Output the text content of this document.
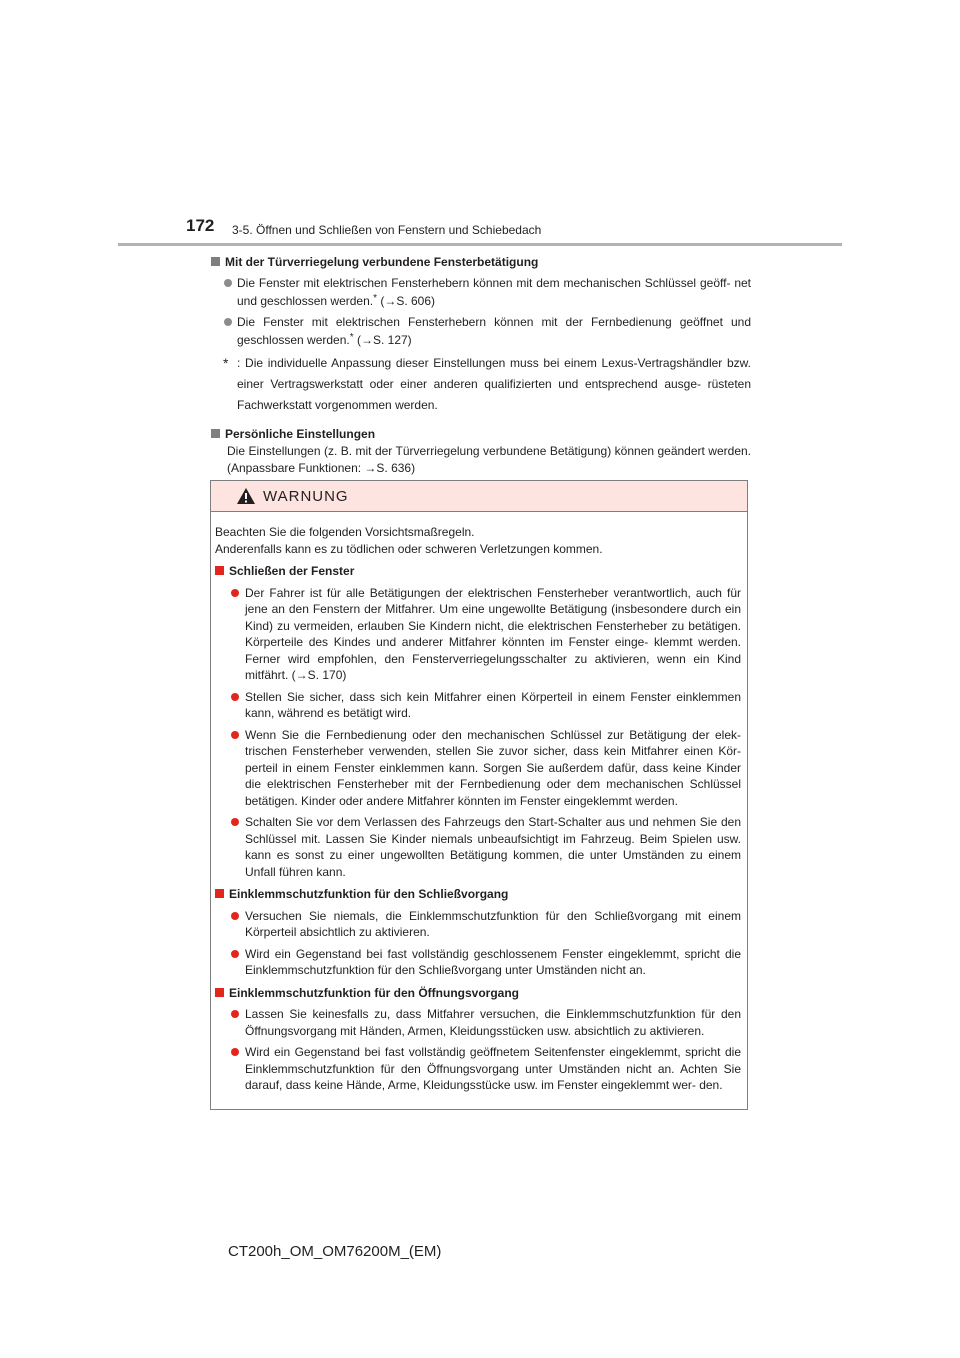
172 3-5. Öffnen und Schließen von Fenstern und Schiebedach
Mit der Türverriegelung verbundene Fensterbetätigung
Die Fenster mit elektrischen Fensterhebern können mit dem mechanischen Schlüssel geöff- net und geschlossen werden.* (→S. 606)
Die Fenster mit elektrischen Fensterhebern können mit der Fernbedienung geöffnet und geschlossen werden.* (→S. 127)
* : Die individuelle Anpassung dieser Einstellungen muss bei einem Lexus-Vertragshändler bzw. einer Vertragswerkstatt oder einer anderen qualifizierten und entsprechend ausge- rüsteten Fachwerkstatt vorgenommen werden.
Persönliche Einstellungen
Die Einstellungen (z. B. mit der Türverriegelung verbundene Betätigung) können geändert werden. (Anpassbare Funktionen: →S. 636)
WARNUNG
Beachten Sie die folgenden Vorsichtsmaßregeln.
Anderenfalls kann es zu tödlichen oder schweren Verletzungen kommen.
Schließen der Fenster
Der Fahrer ist für alle Betätigungen der elektrischen Fensterheber verantwortlich, auch für jene an den Fenstern der Mitfahrer. Um eine ungewollte Betätigung (insbesondere durch ein Kind) zu vermeiden, erlauben Sie Kindern nicht, die elektrischen Fensterheber zu betätigen. Körperteile des Kindes und anderer Mitfahrer könnten im Fenster einge- klemmt werden. Ferner wird empfohlen, den Fensterverriegelungsschalter zu aktivieren, wenn ein Kind mitfährt. (→S. 170)
Stellen Sie sicher, dass sich kein Mitfahrer einen Körperteil in einem Fenster einklemmen kann, während es betätigt wird.
Wenn Sie die Fernbedienung oder den mechanischen Schlüssel zur Betätigung der elek- trischen Fensterheber verwenden, stellen Sie zuvor sicher, dass kein Mitfahrer einen Kör- perteil in einem Fenster einklemmen kann. Sorgen Sie außerdem dafür, dass keine Kinder die elektrischen Fensterheber mit der Fernbedienung oder dem mechanischen Schlüssel betätigen. Kinder oder andere Mitfahrer könnten im Fenster eingeklemmt werden.
Schalten Sie vor dem Verlassen des Fahrzeugs den Start-Schalter aus und nehmen Sie den Schlüssel mit. Lassen Sie Kinder niemals unbeaufsichtigt im Fahrzeug. Beim Spielen usw. kann es sonst zu einer ungewollten Betätigung kommen, die unter Umständen zu einem Unfall führen kann.
Einklemmschutzfunktion für den Schließvorgang
Versuchen Sie niemals, die Einklemmschutzfunktion für den Schließvorgang mit einem Körperteil absichtlich zu aktivieren.
Wird ein Gegenstand bei fast vollständig geschlossenem Fenster eingeklemmt, spricht die Einklemmschutzfunktion für den Schließvorgang unter Umständen nicht an.
Einklemmschutzfunktion für den Öffnungsvorgang
Lassen Sie keinesfalls zu, dass Mitfahrer versuchen, die Einklemmschutzfunktion für den Öffnungsvorgang mit Händen, Armen, Kleidungsstücken usw. absichtlich zu aktivieren.
Wird ein Gegenstand bei fast vollständig geöffnetem Seitenfenster eingeklemmt, spricht die Einklemmschutzfunktion für den Öffnungsvorgang unter Umständen nicht an. Achten Sie darauf, dass keine Hände, Arme, Kleidungsstücke usw. im Fenster eingeklemmt wer- den.
CT200h_OM_OM76200M_(EM)
